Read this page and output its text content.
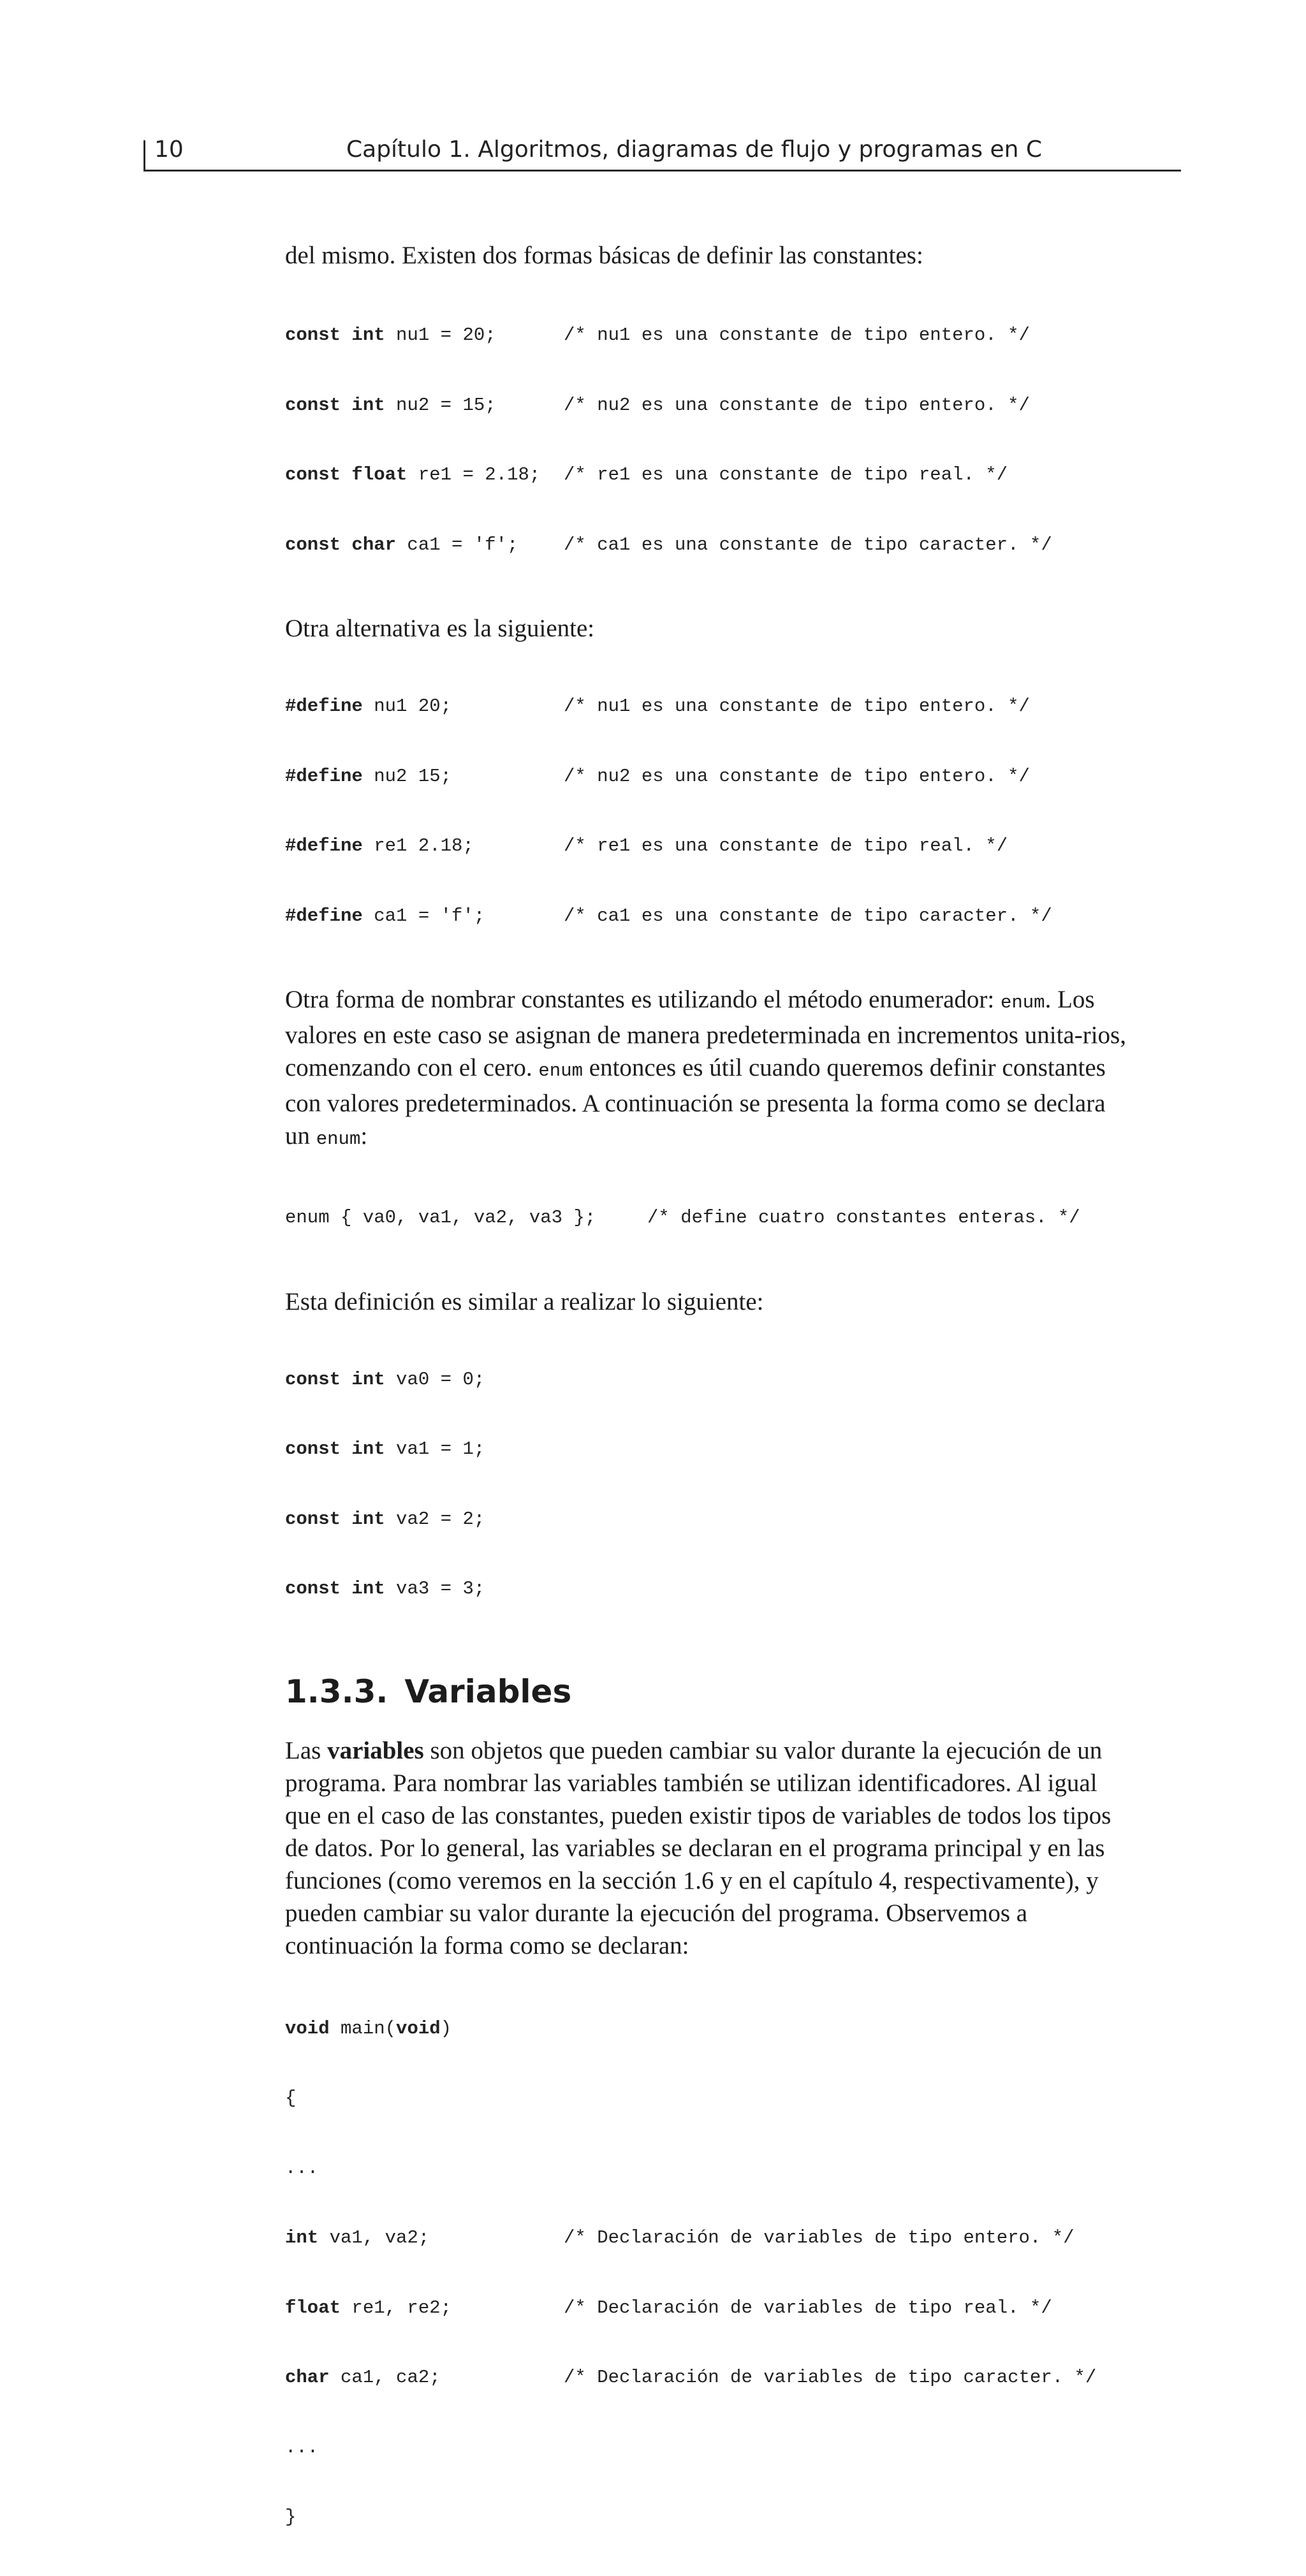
10	Capítulo 1. Algoritmos, diagramas de flujo y programas en C

del mismo. Existen dos formas básicas de definir las constantes:

const int nu1 = 20;	/* nu1 es una constante de tipo entero. */

const int nu2 = 15;	/* nu2 es una constante de tipo entero. */

const float re1 = 2.18; /* re1 es una constante de tipo real. */

const char ca1 = 'f'; /* ca1 es una constante de tipo caracter. */

Otra alternativa es la siguiente:

#define nu1 20;	/* nu1 es una constante de tipo entero. */

#define nu2 15;	/* nu2 es una constante de tipo entero. */

#define re1 2.18;	/* re1 es una constante de tipo real. */

#define ca1 = 'f';	/* ca1 es una constante de tipo caracter. */

Otra forma de nombrar constantes es utilizando el método enumerador: enum. Los valores en este caso se asignan de manera predeterminada en incrementos unita-rios, comenzando con el cero. enum entonces es útil cuando queremos definir constantes con valores predeterminados. A continuación se presenta la forma como se declara un enum:

enum { va0, va1, va2, va3 };	/* define cuatro constantes enteras. */

Esta definición es similar a realizar lo siguiente:

const int va0 = 0;

const int va1 = 1;

const int va2 = 2;

const int va3 = 3;

1.3.3. Variables

Las variables son objetos que pueden cambiar su valor durante la ejecución de un programa. Para nombrar las variables también se utilizan identificadores. Al igual que en el caso de las constantes, pueden existir tipos de variables de todos los tipos de datos. Por lo general, las variables se declaran en el programa principal y en las funciones (como veremos en la sección 1.6 y en el capítulo 4, respectivamente), y pueden cambiar su valor durante la ejecución del programa. Observemos a continuación la forma como se declaran:

void main(void)

{

...

int va1, va2;	/* Declaración de variables de tipo entero. */

float re1, re2;	/* Declaración de variables de tipo real. */

char ca1, ca2;	/* Declaración de variables de tipo caracter. */

...

}
